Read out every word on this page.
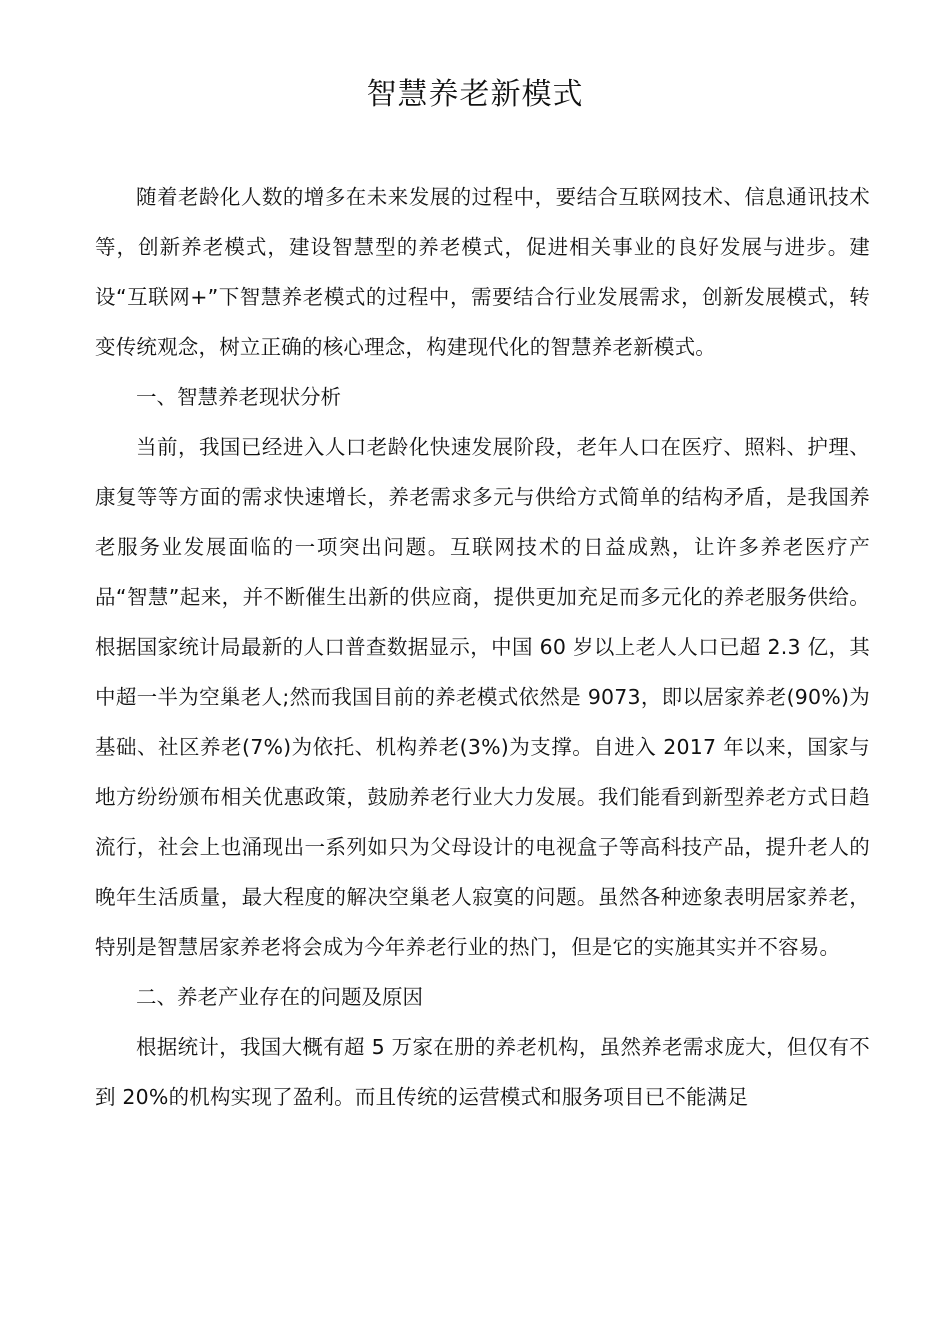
智慧养老新模式

随着老龄化人数的增多在未来发展的过程中，要结合互联网技术、信息通讯技术等，创新养老模式，建设智慧型的养老模式，促进相关事业的良好发展与进步。建设“互联网+”下智慧养老模式的过程中，需要结合行业发展需求，创新发展模式，转变传统观念，树立正确的核心理念，构建现代化的智慧养老新模式。

一、智慧养老现状分析

当前，我国已经进入人口老龄化快速发展阶段，老年人口在医疗、照料、护理、康复等等方面的需求快速增长，养老需求多元与供给方式简单的结构矛盾，是我国养老服务业发展面临的一项突出问题。互联网技术的日益成熟，让许多养老医疗产品“智慧”起来，并不断催生出新的供应商，提供更加充足而多元化的养老服务供给。根据国家统计局最新的人口普查数据显示，中国 60 岁以上老人人口已超 2.3 亿，其中超一半为空巢老人;然而我国目前的养老模式依然是 9073，即以居家养老(90%)为基础、社区养老(7%)为依托、机构养老(3%)为支撑。自进入 2017 年以来，国家与地方纷纷颁布相关优惠政策，鼓励养老行业大力发展。我们能看到新型养老方式日趋流行，社会上也涌现出一系列如只为父母设计的电视盒子等高科技产品，提升老人的晚年生活质量，最大程度的解决空巢老人寂寞的问题。虽然各种迹象表明居家养老，特别是智慧居家养老将会成为今年养老行业的热门，但是它的实施其实并不容易。

二、养老产业存在的问题及原因

根据统计，我国大概有超 5 万家在册的养老机构，虽然养老需求庞大，但仅有不到 20%的机构实现了盈利。而且传统的运营模式和服务项目已不能满足
